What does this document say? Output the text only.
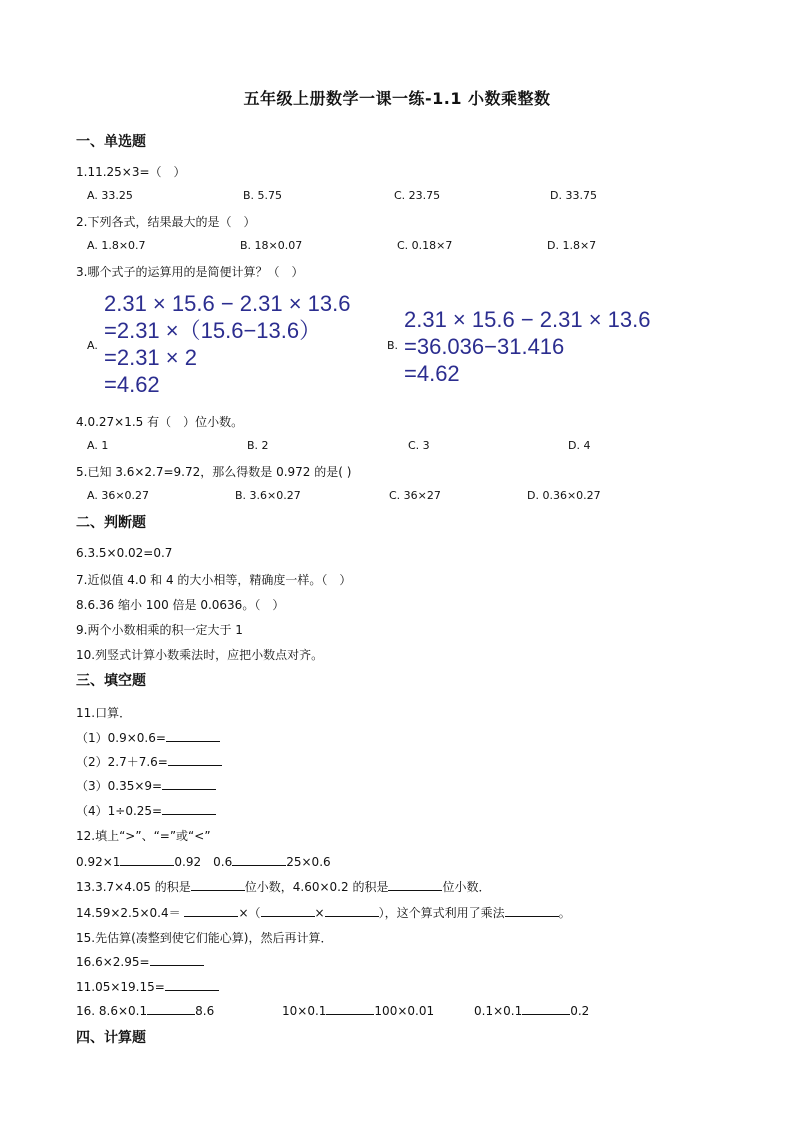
五年级上册数学一课一练-1.1 小数乘整数
一、单选题
1.11.25×3=（　）
A. 33.25	B. 5.75	C. 23.75	D. 33.75
2.下列各式，结果最大的是（　）
A. 1.8×0.7	B. 18×0.07	C. 0.18×7	D. 1.8×7
3.哪个式子的运算用的是简便计算？（　）
A.
2.31 × 15.6 − 2.31 × 13.6
=2.31 ×（15.6−13.6）
=2.31 × 2
=4.62
B.
2.31 × 15.6 − 2.31 × 13.6
=36.036−31.416
=4.62
4.0.27×1.5 有（　）位小数。
A. 1	B. 2	C. 3	D. 4
5.已知 3.6×2.7=9.72，那么得数是 0.972 的是( )
A. 36×0.27	B. 3.6×0.27	C. 36×27	D. 0.36×0.27
二、判断题
6.3.5×0.02=0.7
7.近似值 4.0 和 4 的大小相等，精确度一样。（　）
8.6.36 缩小 100 倍是 0.0636。（　）
9.两个小数相乘的积一定大于 1
10.列竖式计算小数乘法时，应把小数点对齐。
三、填空题
11.口算．
（1）0.9×0.6=
（2）2.7＋7.6=
（3）0.35×9=
（4）1÷0.25=
12.填上“>”、“=”或“<”
0.92×1	0.92　0.6	25×0.6
13.3.7×4.05 的积是	位小数，4.60×0.2 的积是	位小数．
14.59×2.5×0.4＝	×（	×	），这个算式利用了乘法	。
15.先估算(凑整到使它们能心算)，然后再计算．
16.6×2.95=
11.05×19.15=
16. 8.6×0.1	8.6	10×0.1	100×0.01	0.1×0.1	0.2
四、计算题
